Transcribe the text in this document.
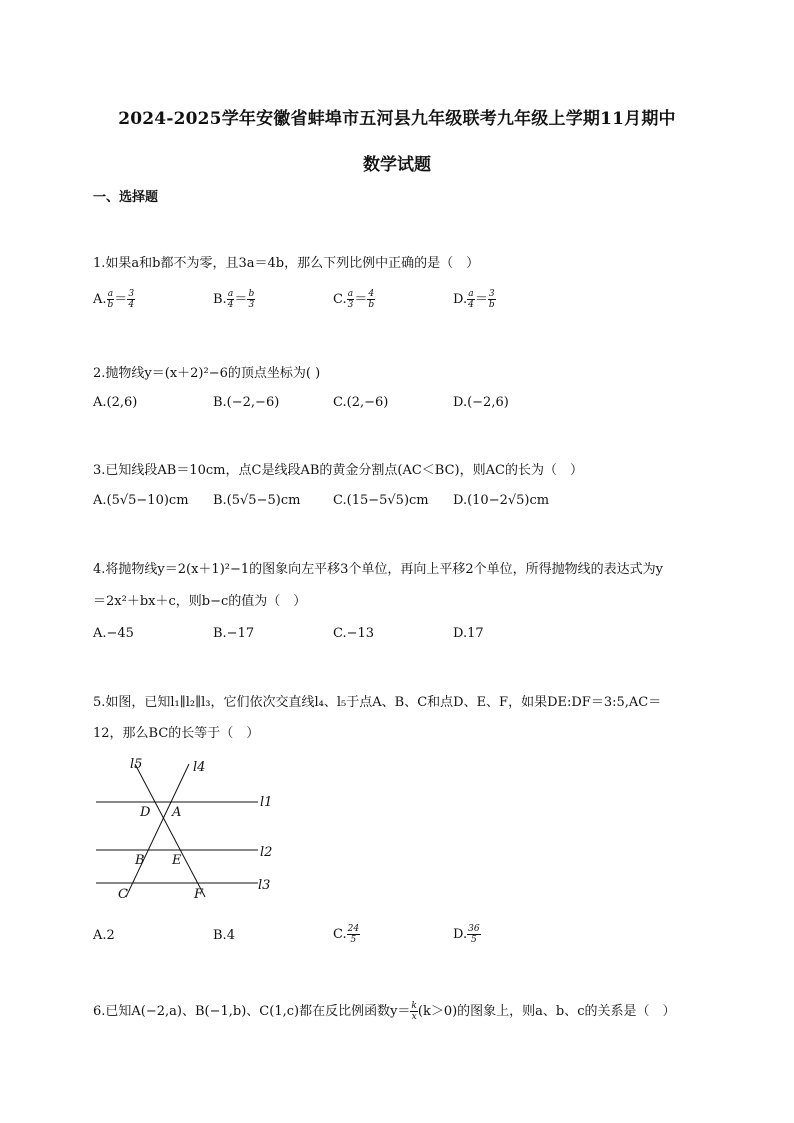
2024-2025学年安徽省蚌埠市五河县九年级联考九年级上学期11月期中
数学试题
一、选择题
1.如果a和b都不为零，且3a＝4b，那么下列比例中正确的是（　）
A. $\frac{a}{b} = \frac{3}{4}$	B. $\frac{a}{4} = \frac{b}{3}$	C. $\frac{a}{3} = \frac{4}{b}$	D. $\frac{a}{4} = \frac{3}{b}$
2.抛物线y＝(x＋2)²−6的顶点坐标为( )
A.(2,6)	B.(−2,−6)	C.(2,−6)	D.(−2,6)
3.已知线段AB＝10cm，点C是线段AB的黄金分割点(AC＜BC)，则AC的长为（　）
A.(5√5−10)cm B.(5√5−5)cm	C.(15−5√5)cm D.(10−2√5)cm
4.将抛物线y＝2(x＋1)²−1的图象向左平移3个单位，再向上平移2个单位，所得抛物线的表达式为y
＝2x²＋bx＋c，则b−c的值为（　）
A.−45	B.−17	C.−13	D.17
5.如图，已知l₁∥l₂∥l₃，它们依次交直线l₄、l₅于点A、B、C和点D、E、F，如果DE:DF＝3:5,AC＝
12，那么BC的长等于（　）
l5	l4
l1
l2
l3
D A
B E
C	F
A.2	B.4	C. $\frac{24}{5}$	D. $\frac{36}{5}$
6.已知A(−2,a)、B(−1,b)、C(1,c)都在反比例函数$y= \frac{k}{x} (k>0)$的图象上，则a、b、c的关系是（　）
